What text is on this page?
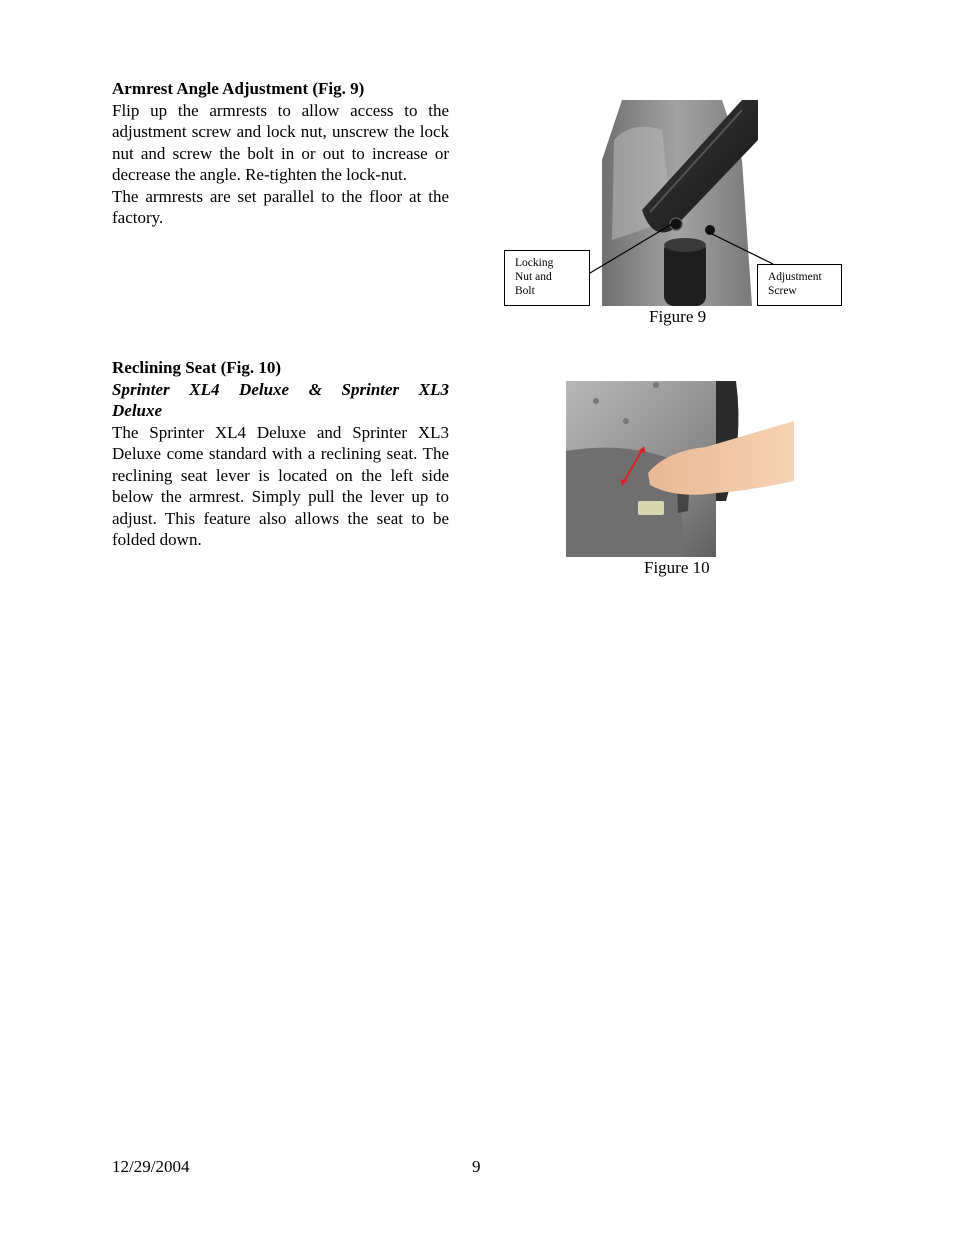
Armrest Angle Adjustment (Fig. 9)

Flip up the armrests to allow access to the adjustment screw and lock nut, unscrew the lock nut and screw the bolt in or out to increase or decrease the angle. Re-tighten the lock-nut.

The armrests are set parallel to the floor at the factory.

Locking
Nut and
Bolt
Adjustment
Screw
Figure 9

Reclining Seat (Fig. 10)

Sprinter XL4 Deluxe & Sprinter XL3

Deluxe

The Sprinter XL4 Deluxe and Sprinter XL3 Deluxe come standard with a reclining seat. The reclining seat lever is located on the left side below the armrest. Simply pull the lever up to adjust. This feature also allows the seat to be folded down.

Figure 10
12/29/2004	9
